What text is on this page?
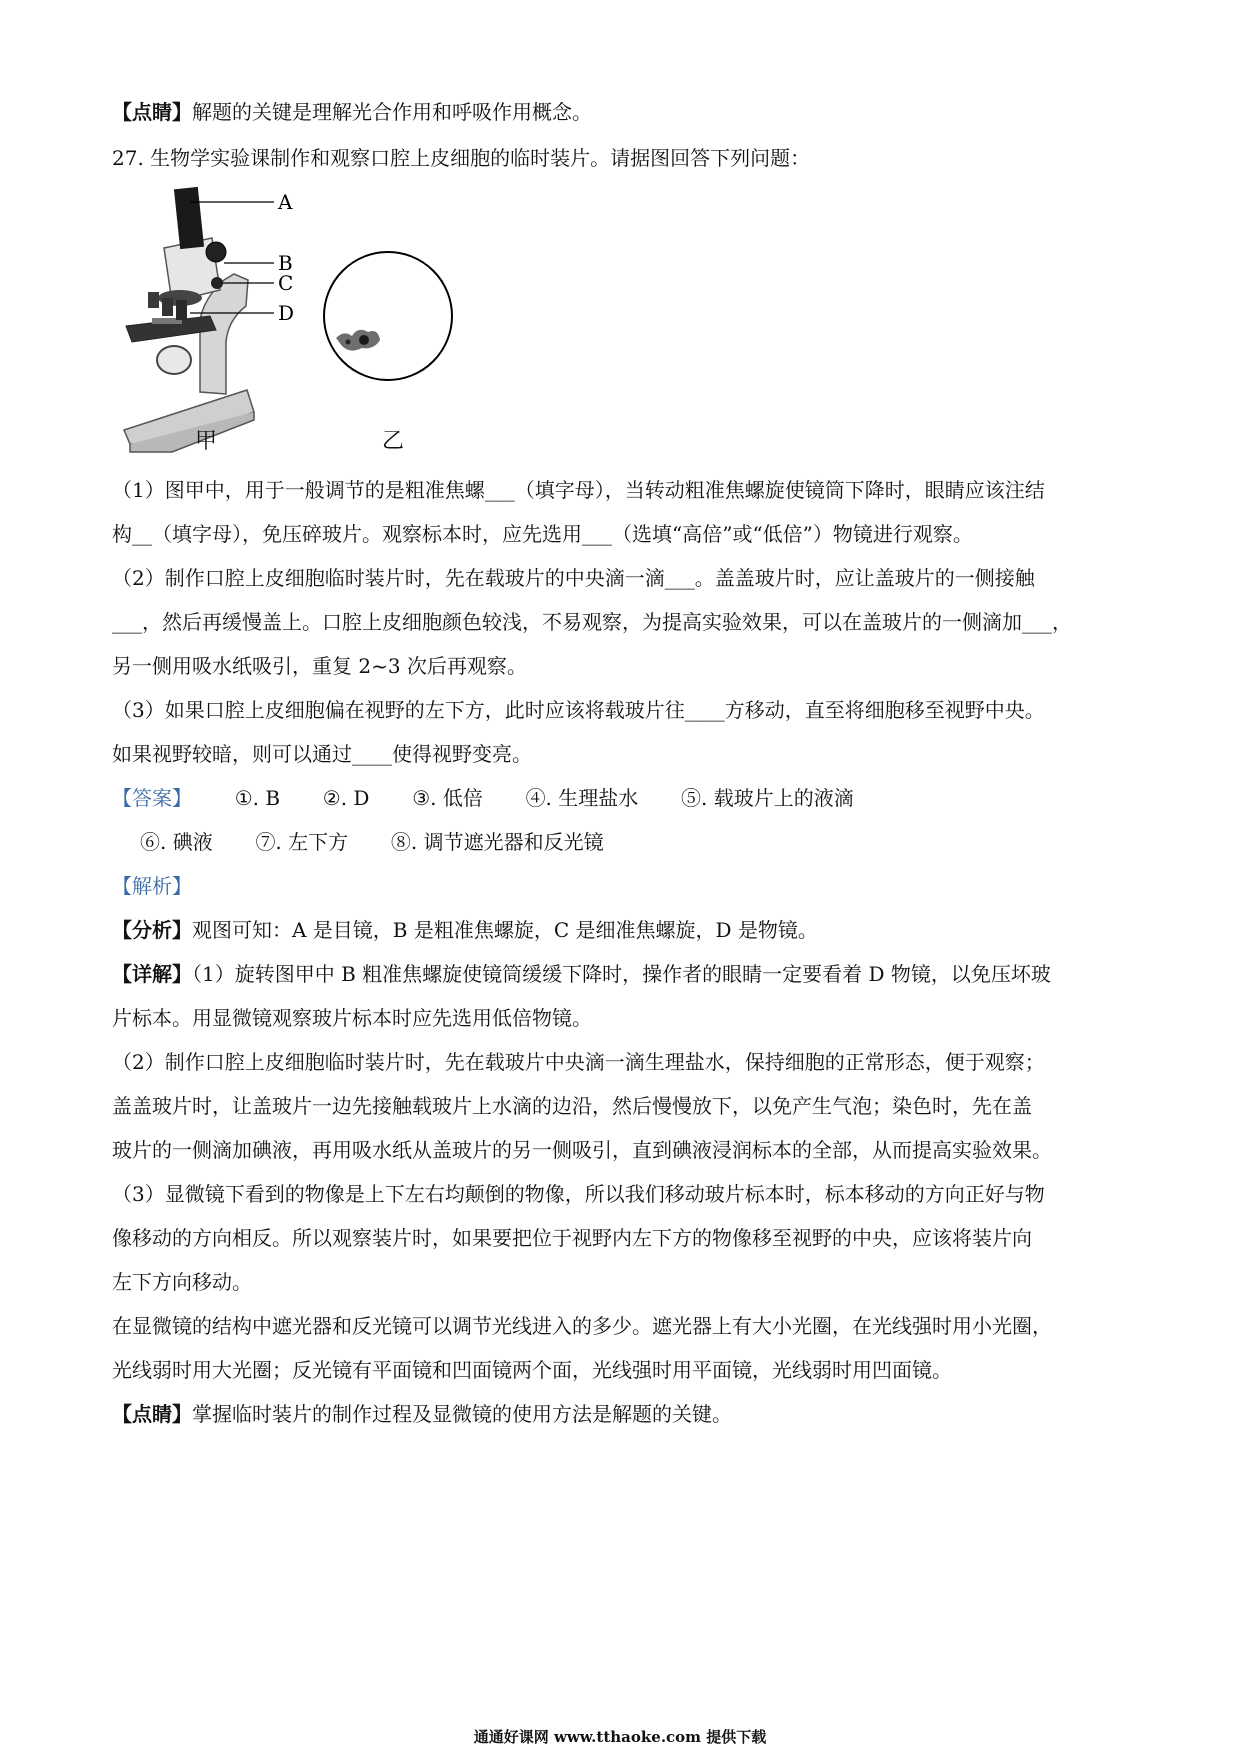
【点睛】解题的关键是理解光合作用和呼吸作用概念。
27. 生物学实验课制作和观察口腔上皮细胞的临时装片。请据图回答下列问题：
A
B
C
D
甲	乙
（1）图甲中，用于一般调节的是粗准焦螺___（填字母），当转动粗准焦螺旋使镜筒下降时，眼睛应该注结
构__（填字母），免压碎玻片。观察标本时，应先选用___（选填“高倍”或“低倍”）物镜进行观察。
（2）制作口腔上皮细胞临时装片时，先在载玻片的中央滴一滴___。盖盖玻片时，应让盖玻片的一侧接触
___，然后再缓慢盖上。口腔上皮细胞颜色较浅，不易观察，为提高实验效果，可以在盖玻片的一侧滴加___，
另一侧用吸水纸吸引，重复 2~3 次后再观察。
（3）如果口腔上皮细胞偏在视野的左下方，此时应该将载玻片往____方移动，直至将细胞移至视野中央。
如果视野较暗，则可以通过____使得视野变亮。
【答案】 ①. B ②. D ③. 低倍 ④. 生理盐水 ⑤. 载玻片上的液滴
⑥. 碘液 ⑦. 左下方 ⑧. 调节遮光器和反光镜
【解析】
【分析】观图可知：A 是目镜，B 是粗准焦螺旋，C 是细准焦螺旋，D 是物镜。
【详解】（1）旋转图甲中 B 粗准焦螺旋使镜筒缓缓下降时，操作者的眼睛一定要看着 D 物镜，以免压坏玻
片标本。用显微镜观察玻片标本时应先选用低倍物镜。
（2）制作口腔上皮细胞临时装片时，先在载玻片中央滴一滴生理盐水，保持细胞的正常形态，便于观察；
盖盖玻片时，让盖玻片一边先接触载玻片上水滴的边沿，然后慢慢放下，以免产生气泡；染色时，先在盖
玻片的一侧滴加碘液，再用吸水纸从盖玻片的另一侧吸引，直到碘液浸润标本的全部，从而提高实验效果。
（3）显微镜下看到的物像是上下左右均颠倒的物像，所以我们移动玻片标本时，标本移动的方向正好与物
像移动的方向相反。所以观察装片时，如果要把位于视野内左下方的物像移至视野的中央，应该将装片向
左下方向移动。
在显微镜的结构中遮光器和反光镜可以调节光线进入的多少。遮光器上有大小光圈，在光线强时用小光圈，
光线弱时用大光圈；反光镜有平面镜和凹面镜两个面，光线强时用平面镜，光线弱时用凹面镜。
【点睛】掌握临时装片的制作过程及显微镜的使用方法是解题的关键。
通通好课网 www.tthaoke.com 提供下载
